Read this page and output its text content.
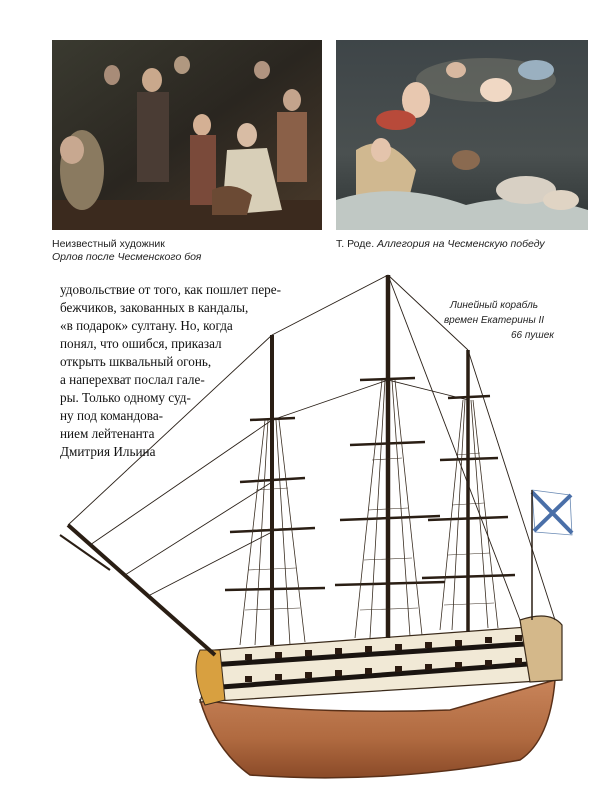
Неизвестный художник
Орлов после Чесменского боя
Т. Роде. Аллегория на Чесменскую победу
удовольствие от того, как пошлет пере-
бежчиков, закованных в кандалы,
«в подарок» султану. Но, когда
понял, что ошибся, приказал
открыть шквальный огонь,
а наперехват послал гале-
ры. Только одному суд-
ну под командова-
нием лейтенанта
Дмитрия Ильина
Линейный корабль
времен Екатерины II
66 пушек
